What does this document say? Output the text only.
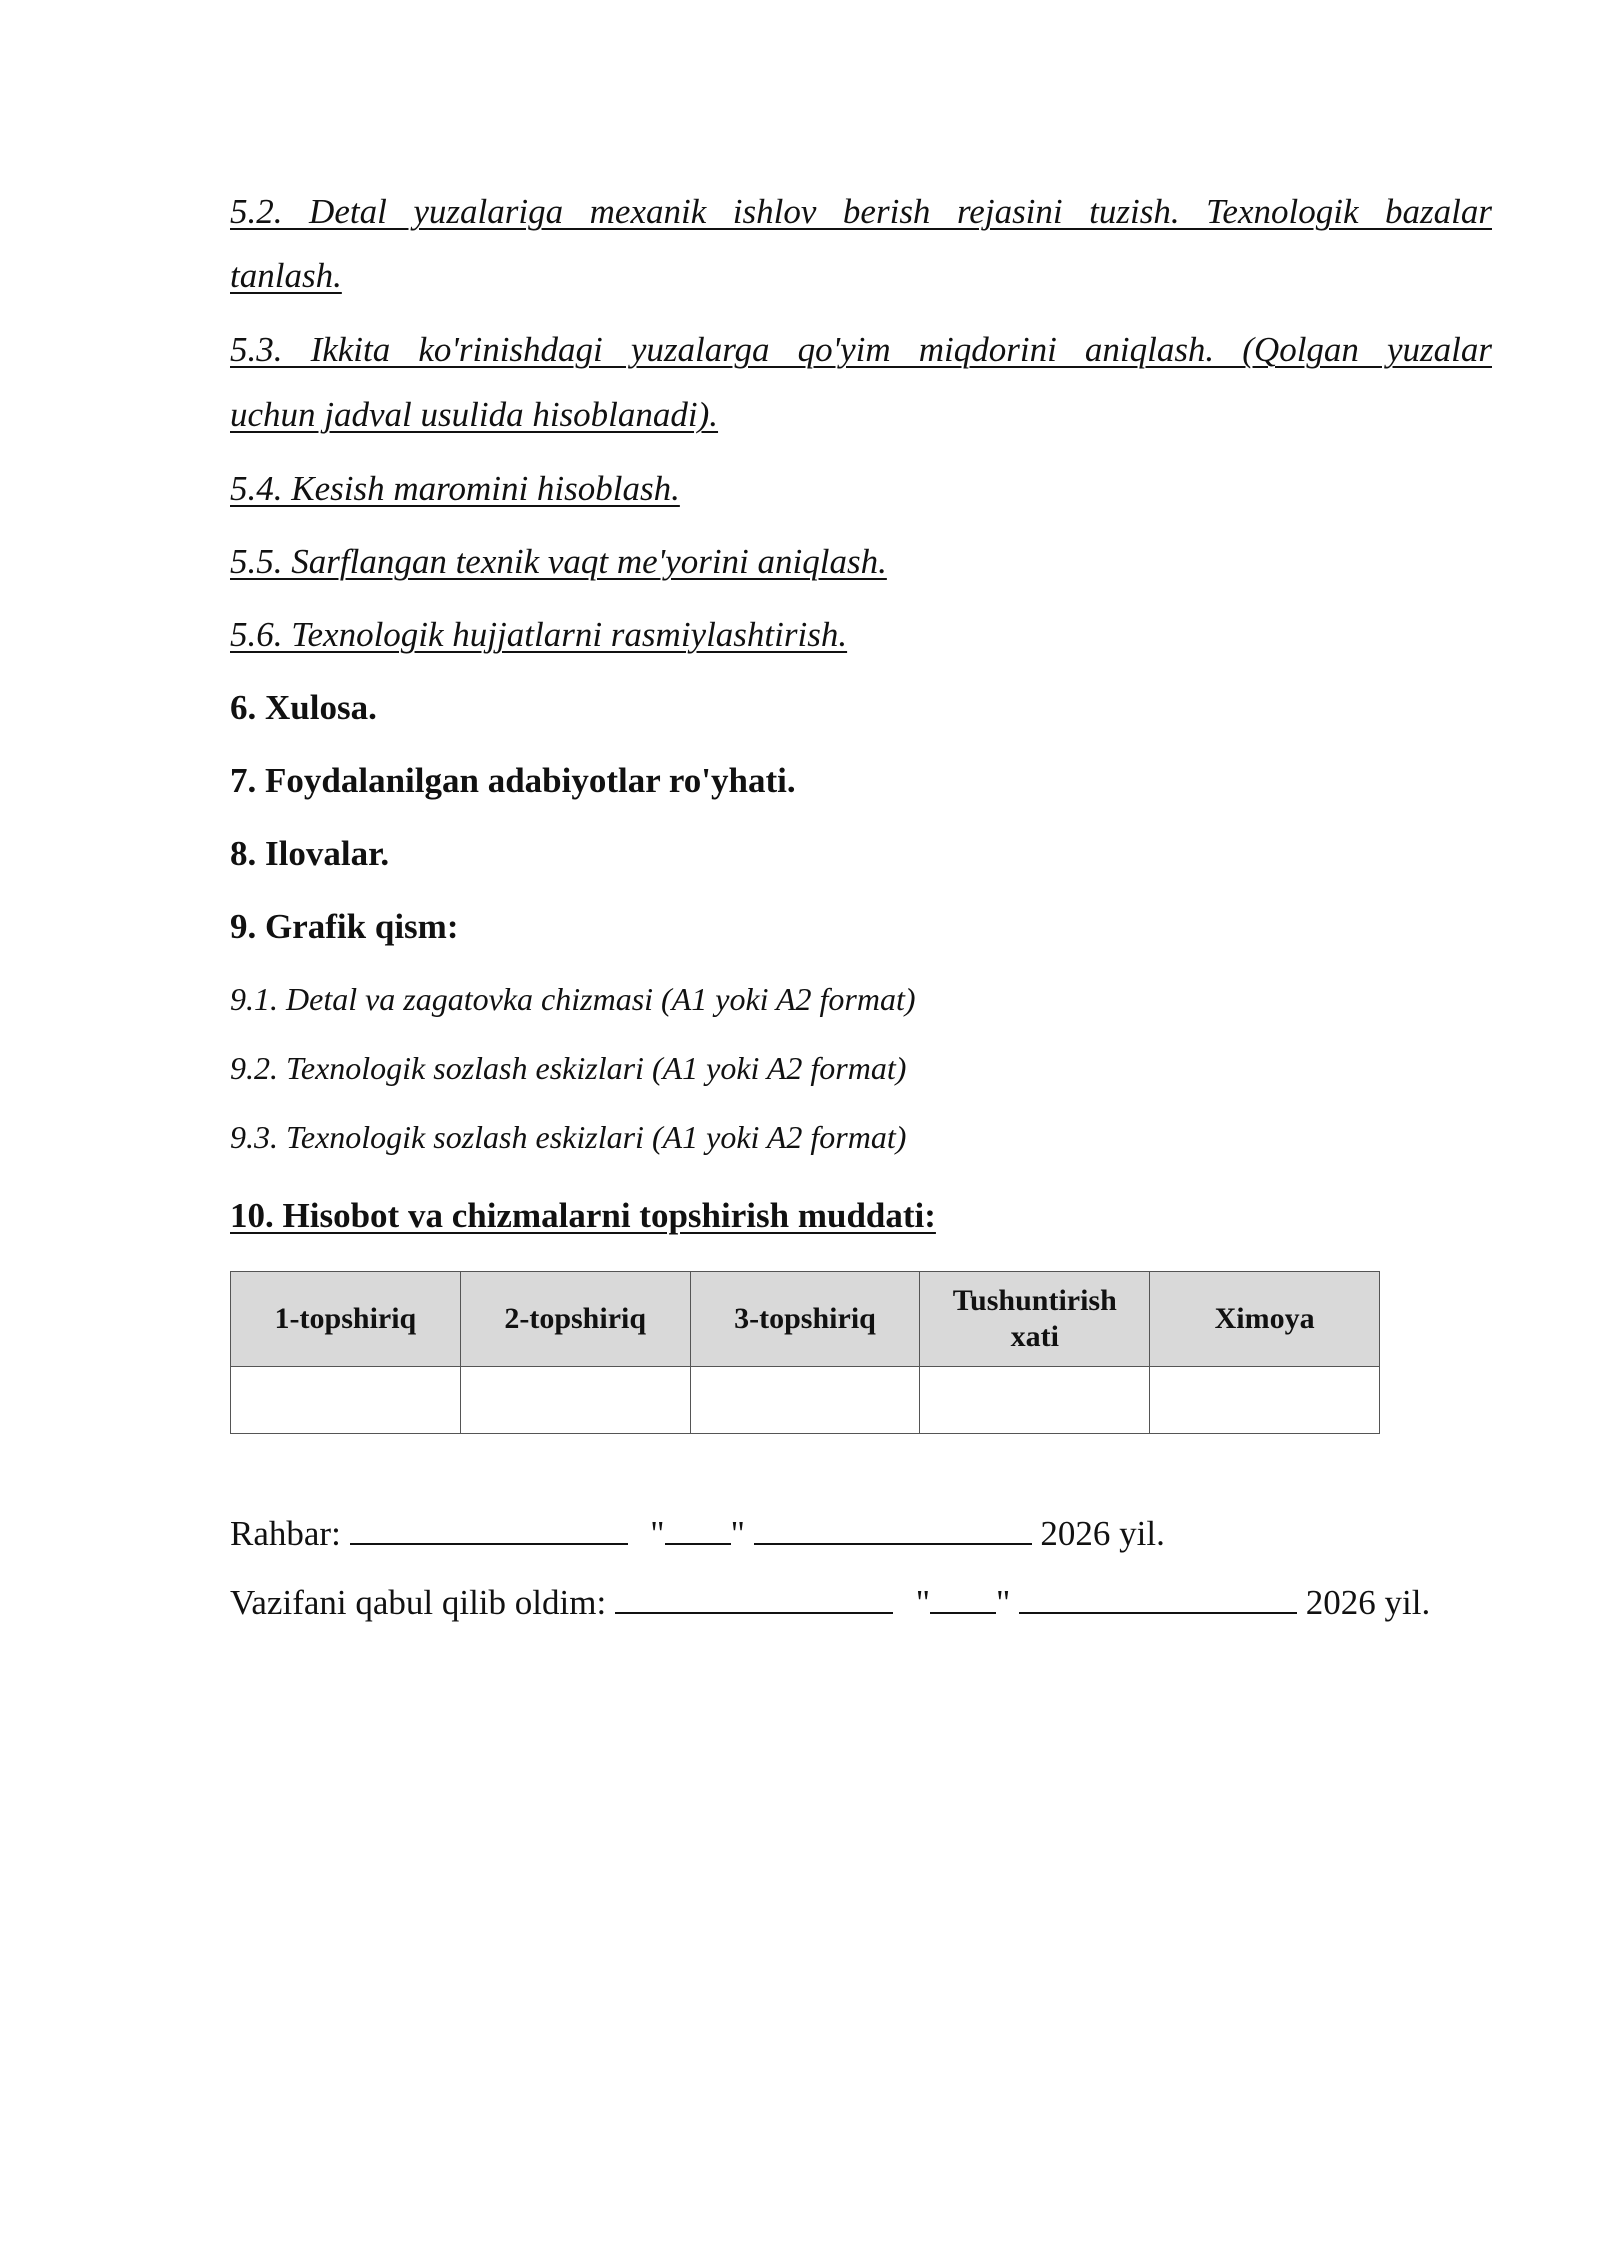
5.2. Detal yuzalariga mexanik ishlov berish rejasini tuzish. Texnologik bazalar
tanlash.
5.3. Ikkita ko'rinishdagi yuzalarga qo'yim miqdorini aniqlash. (Qolgan yuzalar
uchun jadval usulida hisoblanadi).
5.4. Kesish maromini hisoblash.
5.5. Sarflangan texnik vaqt me'yorini aniqlash.
5.6. Texnologik hujjatlarni rasmiylashtirish.
6. Xulosa.
7. Foydalanilgan adabiyotlar ro'yhati.
8. Ilovalar.
9. Grafik qism:
9.1. Detal va zagatovka chizmasi (A1 yoki A2 format)
9.2. Texnologik sozlash eskizlari (A1 yoki A2 format)
9.3. Texnologik sozlash eskizlari (A1 yoki A2 format)
10. Hisobot va chizmalarni topshirish muddati:
1-topshiriq	2-topshiriq	3-topshiriq	Tushuntirish xati	Ximoya

Rahbar:	" "	2026 yil.
Vazifani qabul qilib oldim:	" "	2026 yil.
